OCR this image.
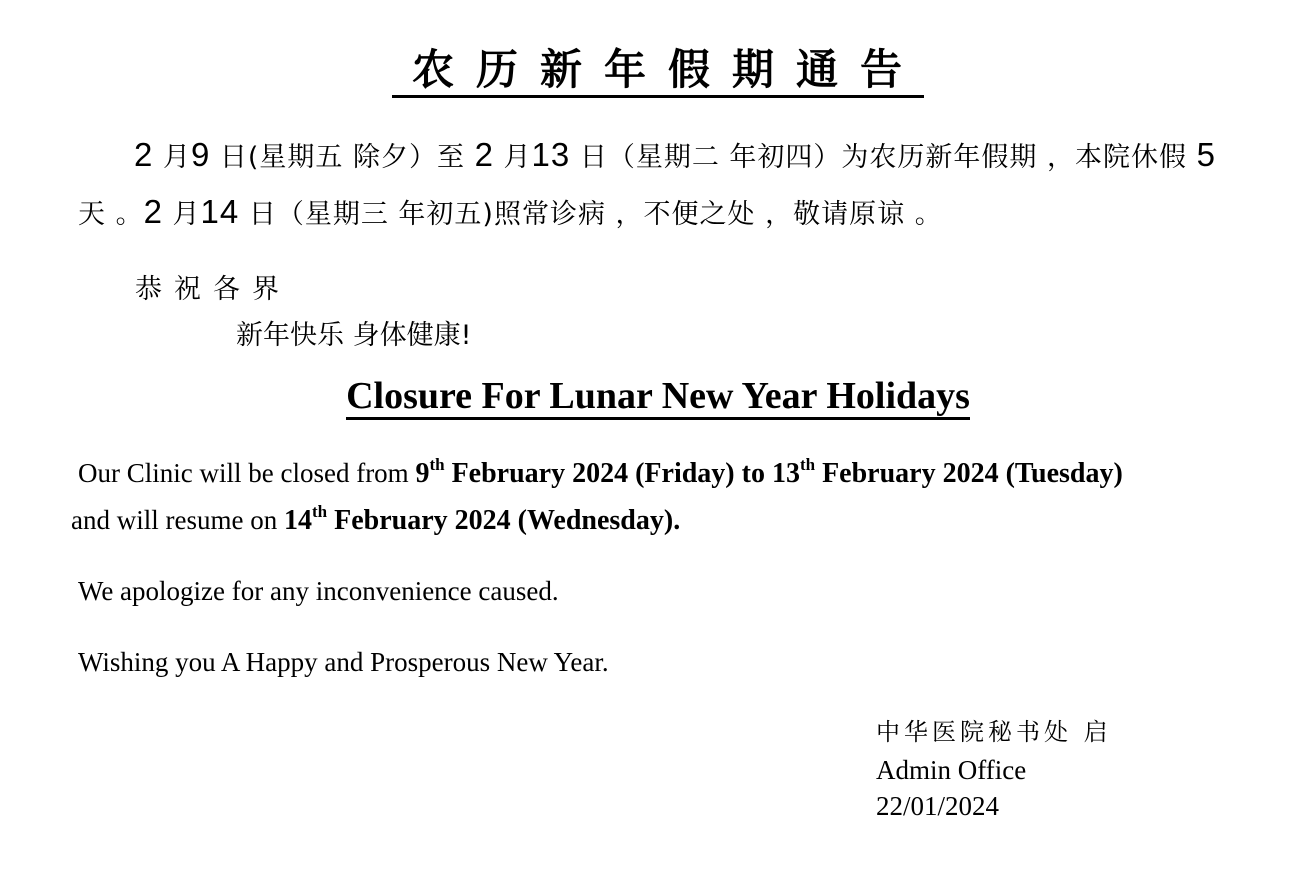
农历新年假期通告
2 月9 日(星期五 除夕）至 2 月13 日（星期二 年初四）为农历新年假期 ，本院休假 5 天 。2 月14 日（星期三 年初五)照常诊病 ，不便之处 ，敬请原谅 。
恭祝各界
新年快乐 身体健康!
Closure For Lunar New Year Holidays
Our Clinic will be closed from 9th February 2024 (Friday) to 13th February 2024 (Tuesday)
and will resume on 14th February 2024 (Wednesday).
We apologize for any inconvenience caused.
Wishing you A Happy and Prosperous New Year.
中华医院秘书处 启
Admin Office
22/01/2024
